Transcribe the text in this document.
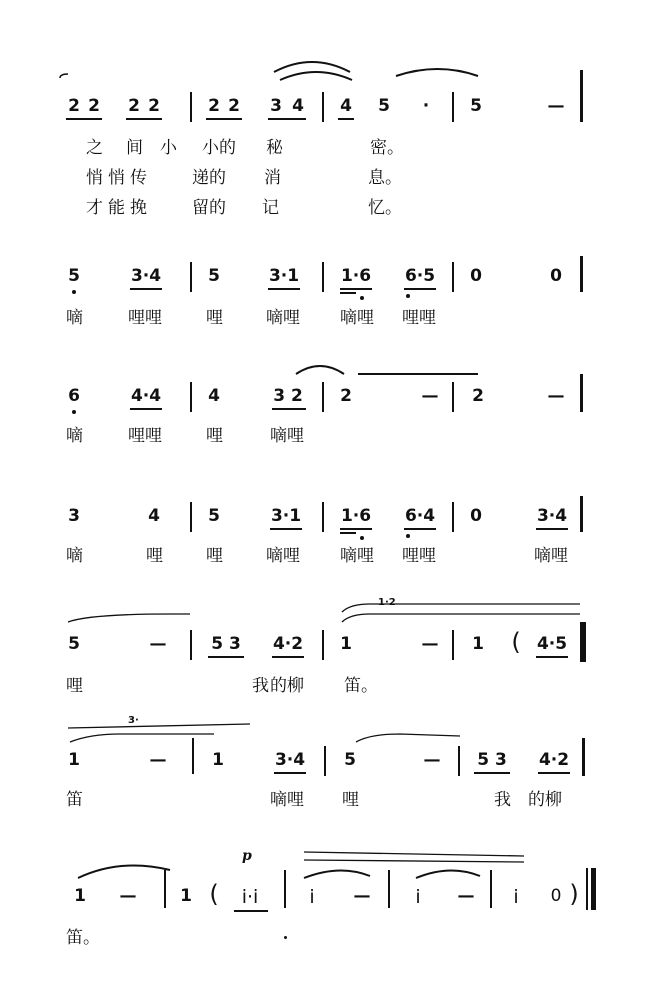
2 2 2 2	2 2 3 4 4 5 · 5	—
之 间 小 小的 秘	密。
悄 悄 传	递的 消	息。
才 能 挽	留的 记	忆。
5	3·4	5	3·1 1·6 6·5 0	0
嘀	哩哩	哩	嘀哩 嘀哩 哩哩
6	4·4	4	3 2 2	— 2	—
嘀	哩哩	哩	嘀哩
3	4	5	3·1 1·6 6·4 0	3·4
嘀	哩	哩	嘀哩 嘀哩 哩哩	嘀哩
1·2
5	—	5 3 4·2 1	— 1 ( 4·5
哩	我 的柳 笛。
3·
1	—	1	3·4 5	— 5 3 4·2
笛	嘀哩 哩	我 的柳
p
1 —	1 ( i·i	i — i — i 0 )
笛。
